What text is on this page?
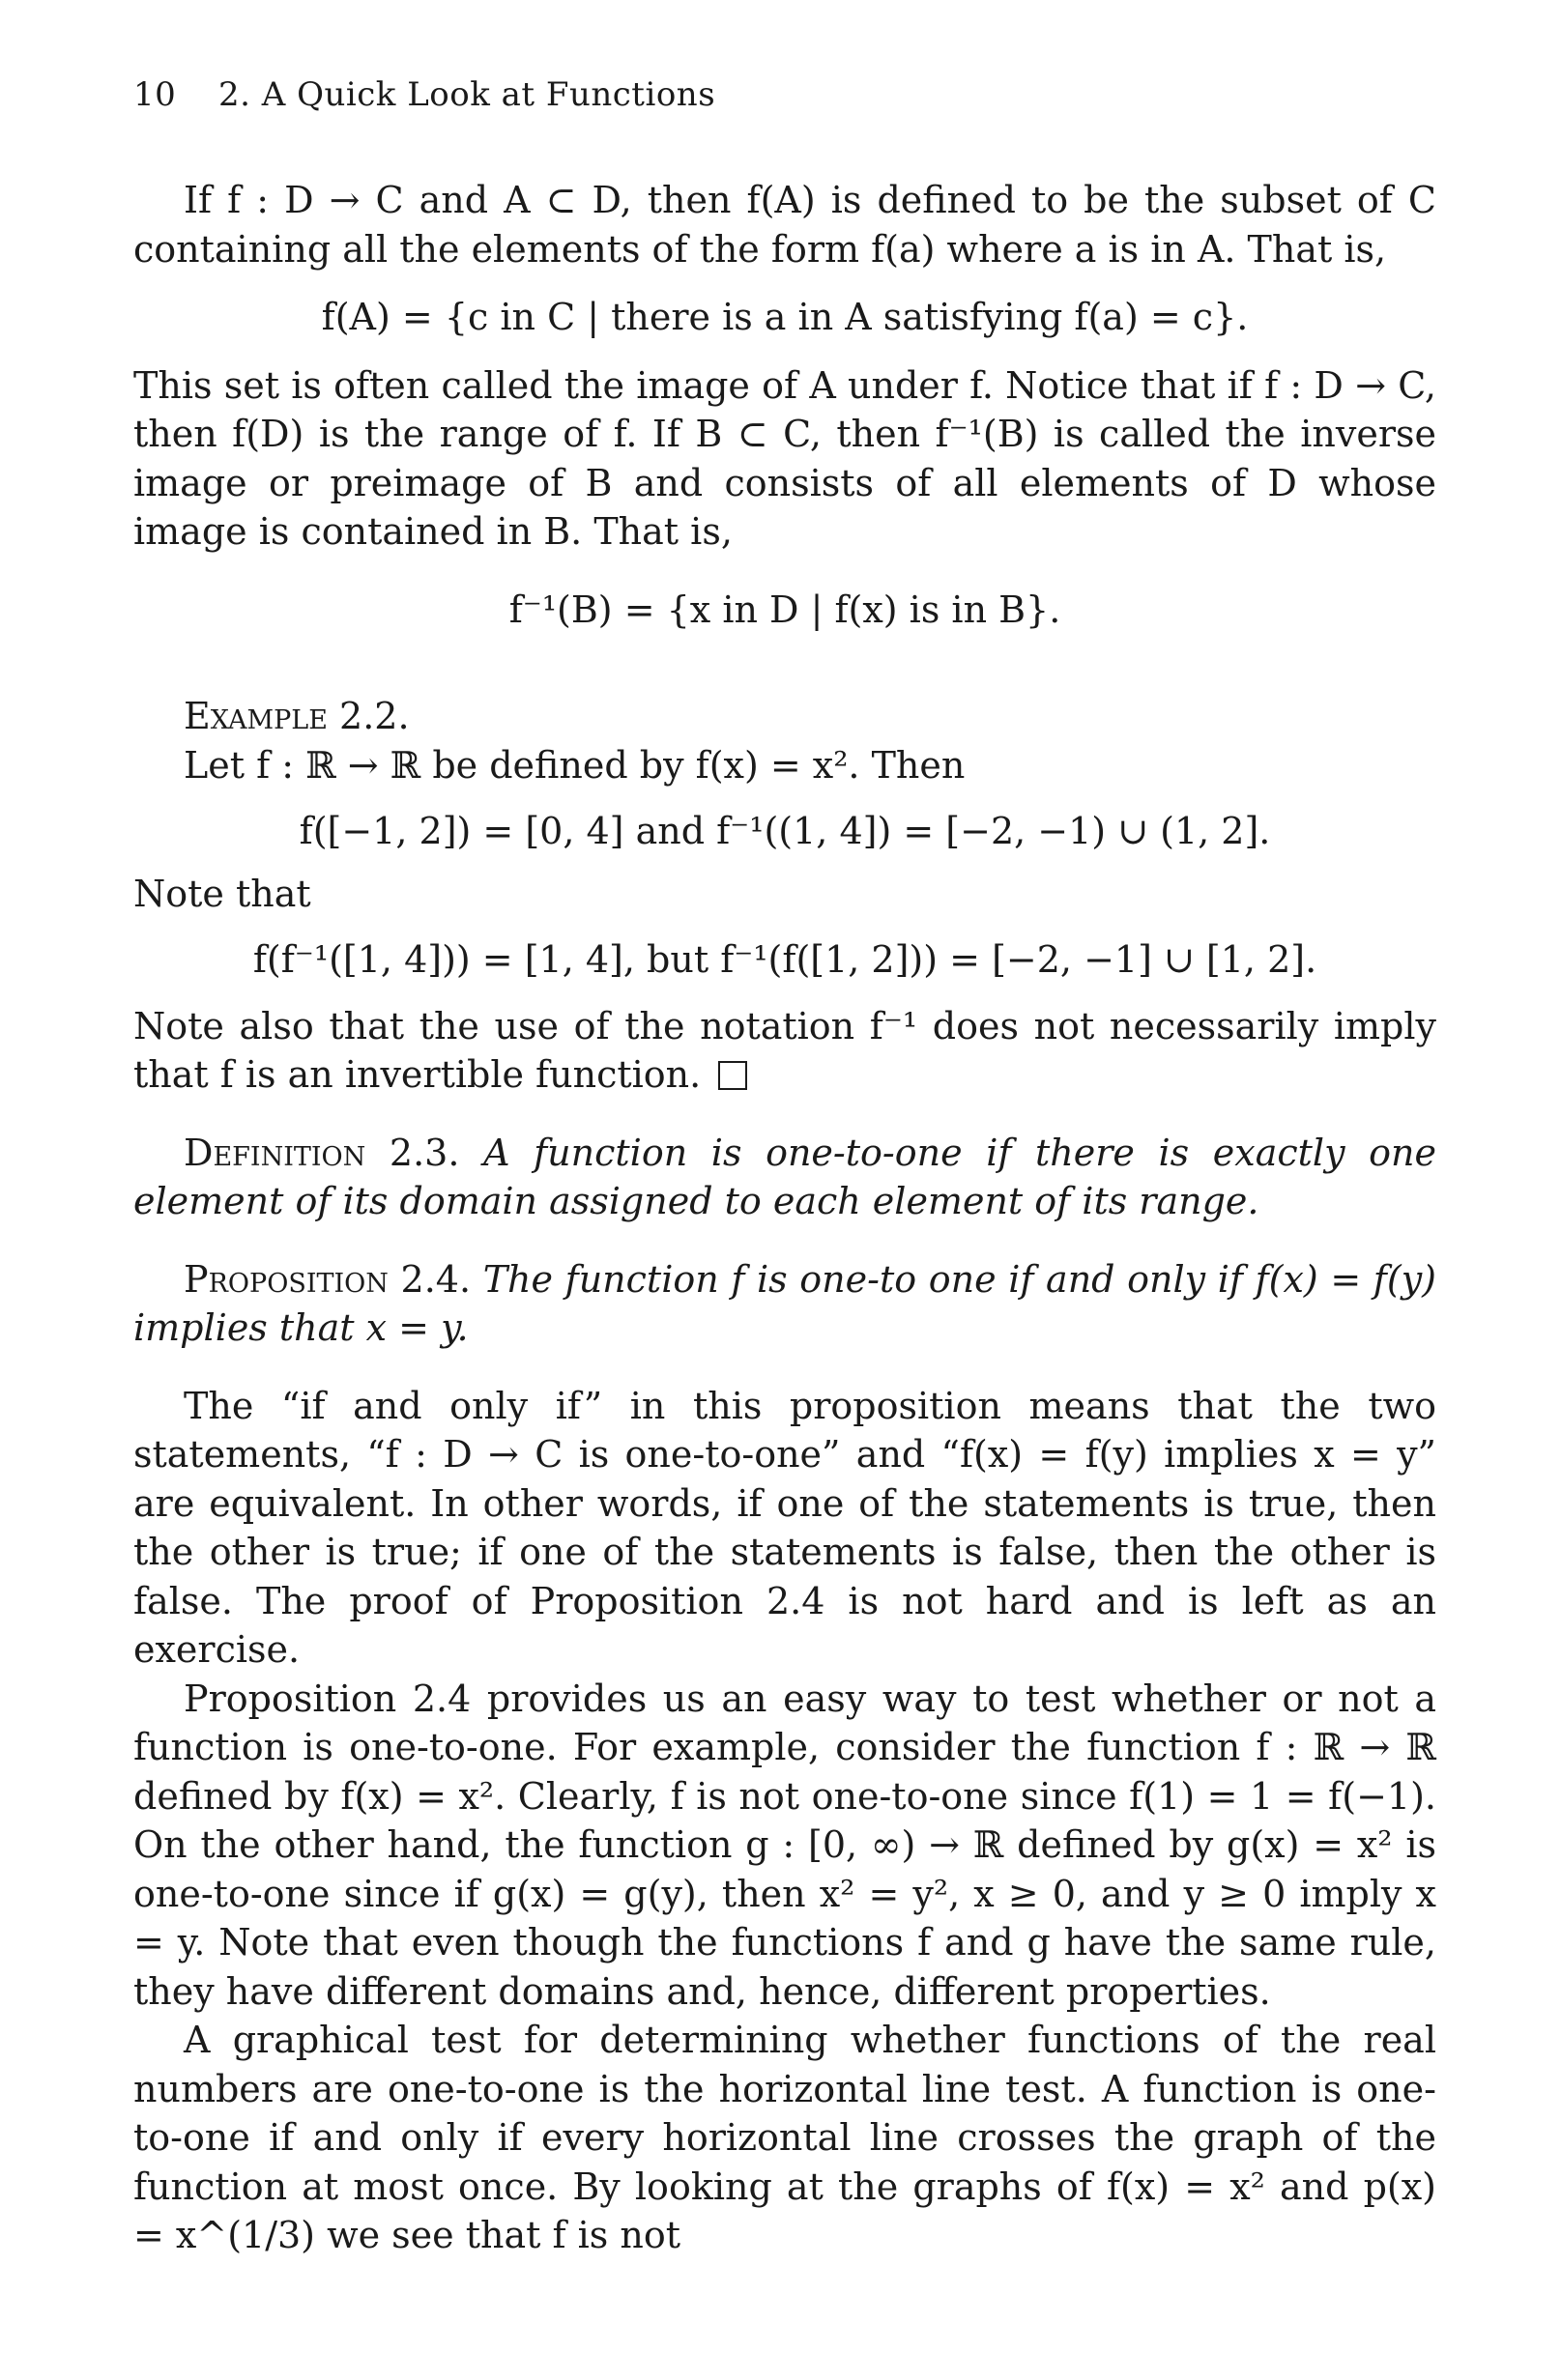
10 2. A Quick Look at Functions

If f : D → C and A ⊂ D, then f(A) is defined to be the subset of C containing all the elements of the form f(a) where a is in A. That is,

f(A) = {c in C | there is a in A satisfying f(a) = c}.

This set is often called the image of A under f. Notice that if f : D → C, then f(D) is the range of f. If B ⊂ C, then f⁻¹(B) is called the inverse image or preimage of B and consists of all elements of D whose image is contained in B. That is,

f⁻¹(B) = {x in D | f(x) is in B}.

Example 2.2.

Let f : ℝ → ℝ be defined by f(x) = x². Then

f([−1, 2]) = [0, 4] and f⁻¹((1, 4]) = [−2, −1) ∪ (1, 2].

Note that

f(f⁻¹([1, 4])) = [1, 4], but f⁻¹(f([1, 2])) = [−2, −1] ∪ [1, 2].

Note also that the use of the notation f⁻¹ does not necessarily imply that f is an invertible function.

Definition 2.3. A function is one-to-one if there is exactly one element of its domain assigned to each element of its range.

Proposition 2.4. The function f is one-to one if and only if f(x) = f(y) implies that x = y.

The “if and only if” in this proposition means that the two statements, “f : D → C is one-to-one” and “f(x) = f(y) implies x = y” are equivalent. In other words, if one of the statements is true, then the other is true; if one of the statements is false, then the other is false. The proof of Proposition 2.4 is not hard and is left as an exercise.

Proposition 2.4 provides us an easy way to test whether or not a function is one-to-one. For example, consider the function f : ℝ → ℝ defined by f(x) = x². Clearly, f is not one-to-one since f(1) = 1 = f(−1). On the other hand, the function g : [0, ∞) → ℝ defined by g(x) = x² is one-to-one since if g(x) = g(y), then x² = y², x ≥ 0, and y ≥ 0 imply x = y. Note that even though the functions f and g have the same rule, they have different domains and, hence, different properties.

A graphical test for determining whether functions of the real numbers are one-to-one is the horizontal line test. A function is one-to-one if and only if every horizontal line crosses the graph of the function at most once. By looking at the graphs of f(x) = x² and p(x) = x^(1/3) we see that f is not
